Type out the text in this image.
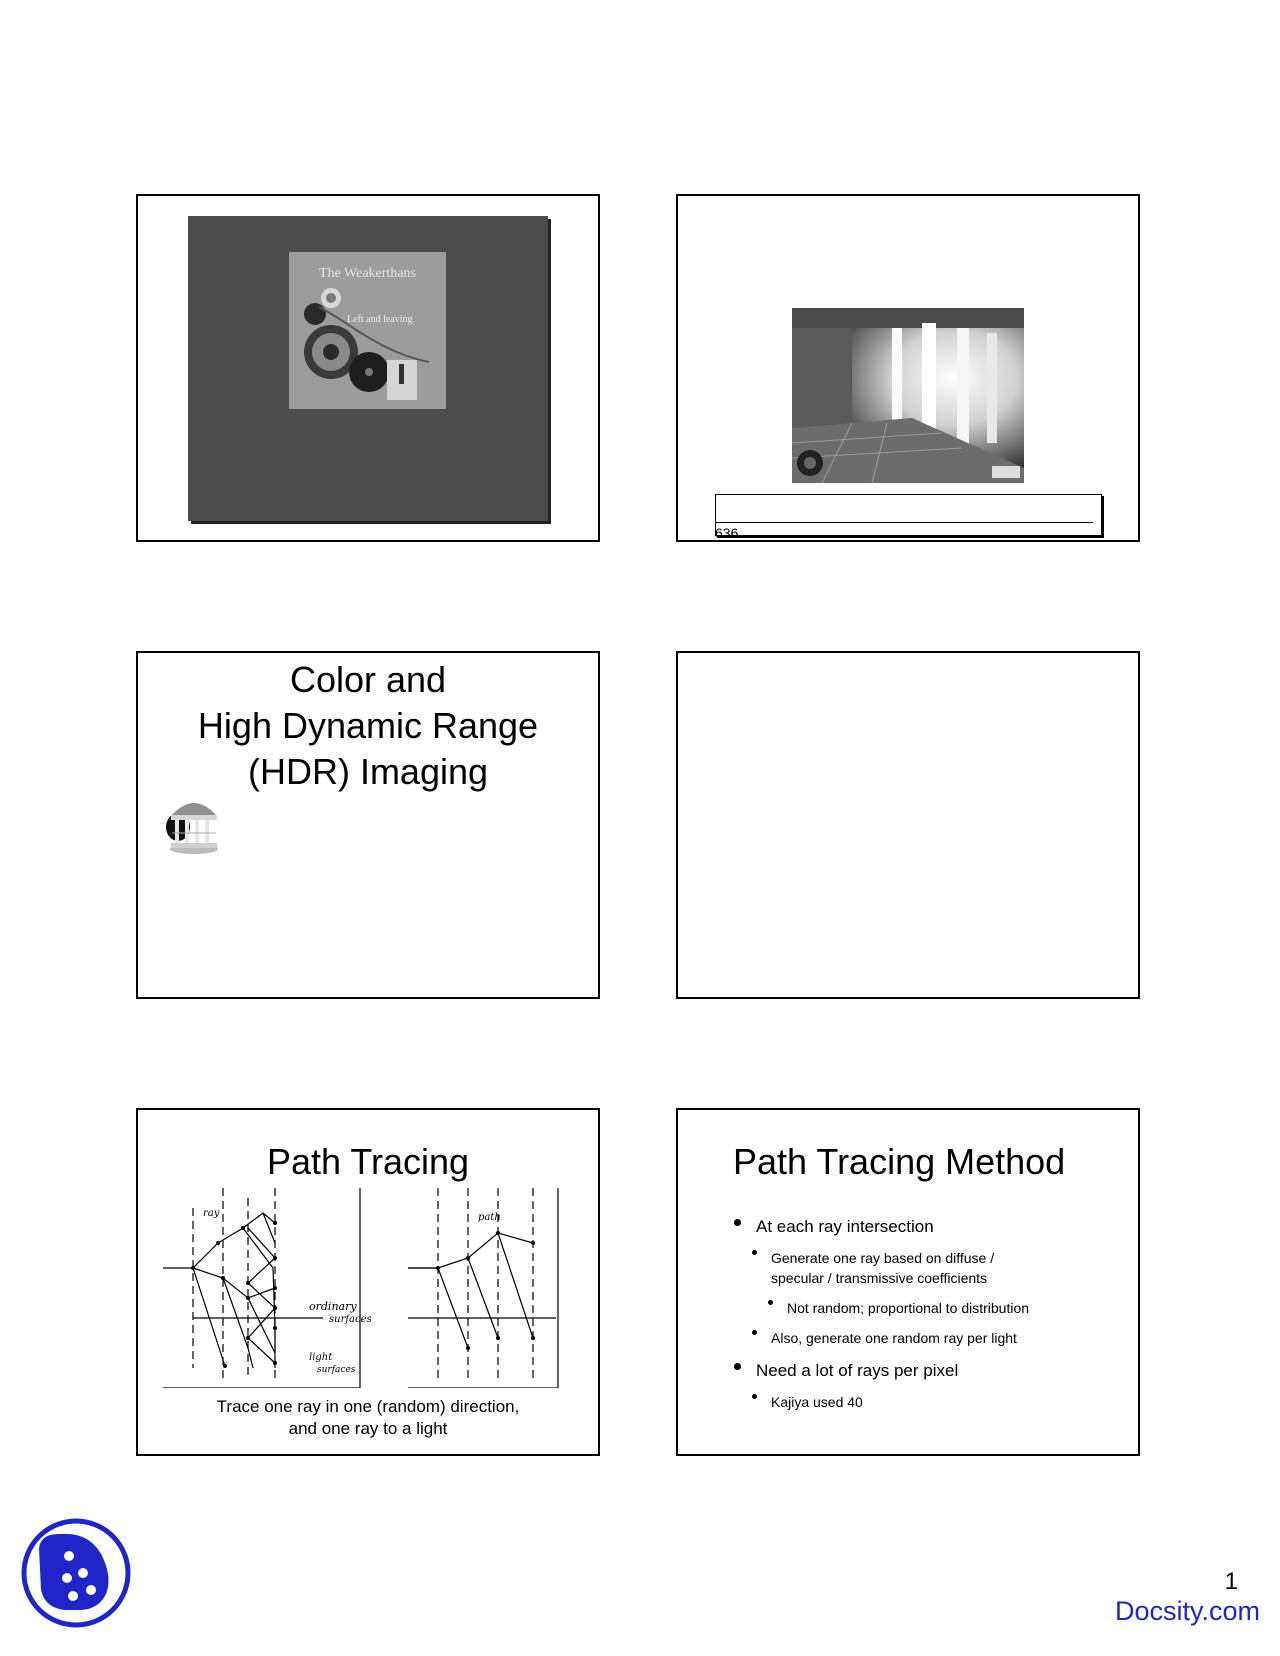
The Weakerthans
Left and leaving
636
Color and
High Dynamic Range
(HDR) Imaging
Path Tracing
ray
ordinary
surfaces
light
surfaces
path
Trace one ray in one (random) direction,
and one ray to a light
Path Tracing Method
At each ray intersection
Generate one ray based on diffuse /
specular / transmissive coefficients
Not random; proportional to distribution
Also, generate one random ray per light
Need a lot of rays per pixel
Kajiya used 40
1
Docsity.com
